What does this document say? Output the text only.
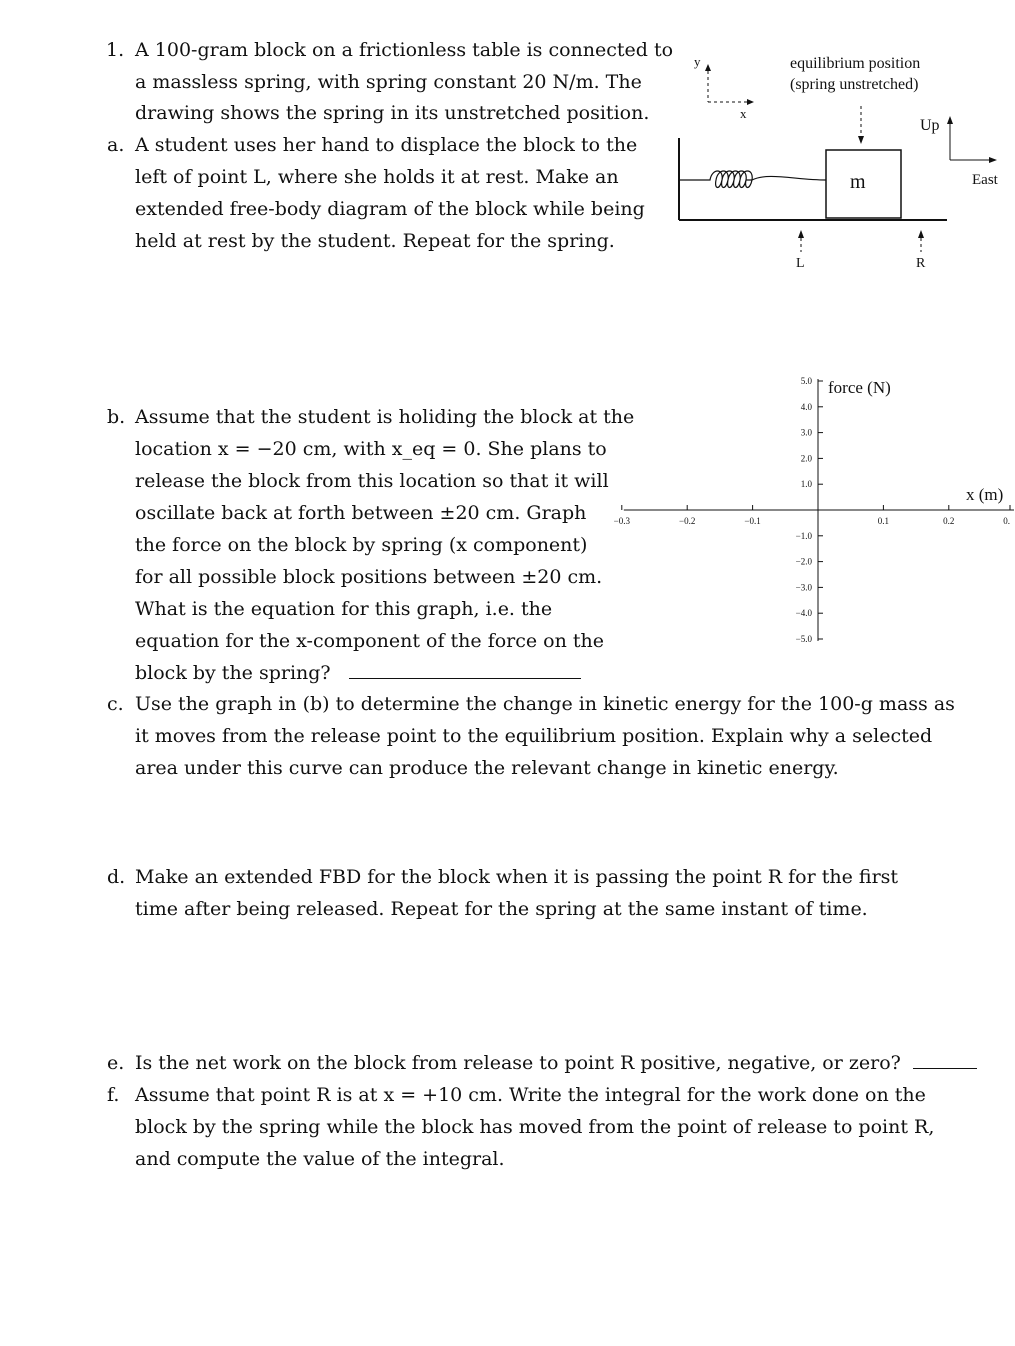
1. A 100-gram block on a frictionless table is connected to
a massless spring, with spring constant 20 N/m. The
drawing shows the spring in its unstretched position.
a. A student uses her hand to displace the block to the
left of point L, where she holds it at rest. Make an
extended free-body diagram of the block while being
held at rest by the student. Repeat for the spring.
y
x
equilibrium position
(spring unstretched)
Up
East
m
L	R
b. Assume that the student is holiding the block at the
location x = −20 cm, with x_eq = 0. She plans to
release the block from this location so that it will
oscillate back at forth between ±20 cm. Graph
the force on the block by spring (x component)
for all possible block positions between ±20 cm.
What is the equation for this graph, i.e. the
equation for the x-component of the force on the
block by the spring?
force (N)
x (m)
−0.3	−0.2	−0.1	0.1	0.2	0.
5.0
4.0
3.0
2.0
1.0
−1.0
−2.0
−3.0
−4.0
−5.0
c. Use the graph in (b) to determine the change in kinetic energy for the 100-g mass as
it moves from the release point to the equilibrium position. Explain why a selected
area under this curve can produce the relevant change in kinetic energy.
d. Make an extended FBD for the block when it is passing the point R for the first
time after being released. Repeat for the spring at the same instant of time.
e. Is the net work on the block from release to point R positive, negative, or zero?
f. Assume that point R is at x = +10 cm. Write the integral for the work done on the
block by the spring while the block has moved from the point of release to point R,
and compute the value of the integral.
